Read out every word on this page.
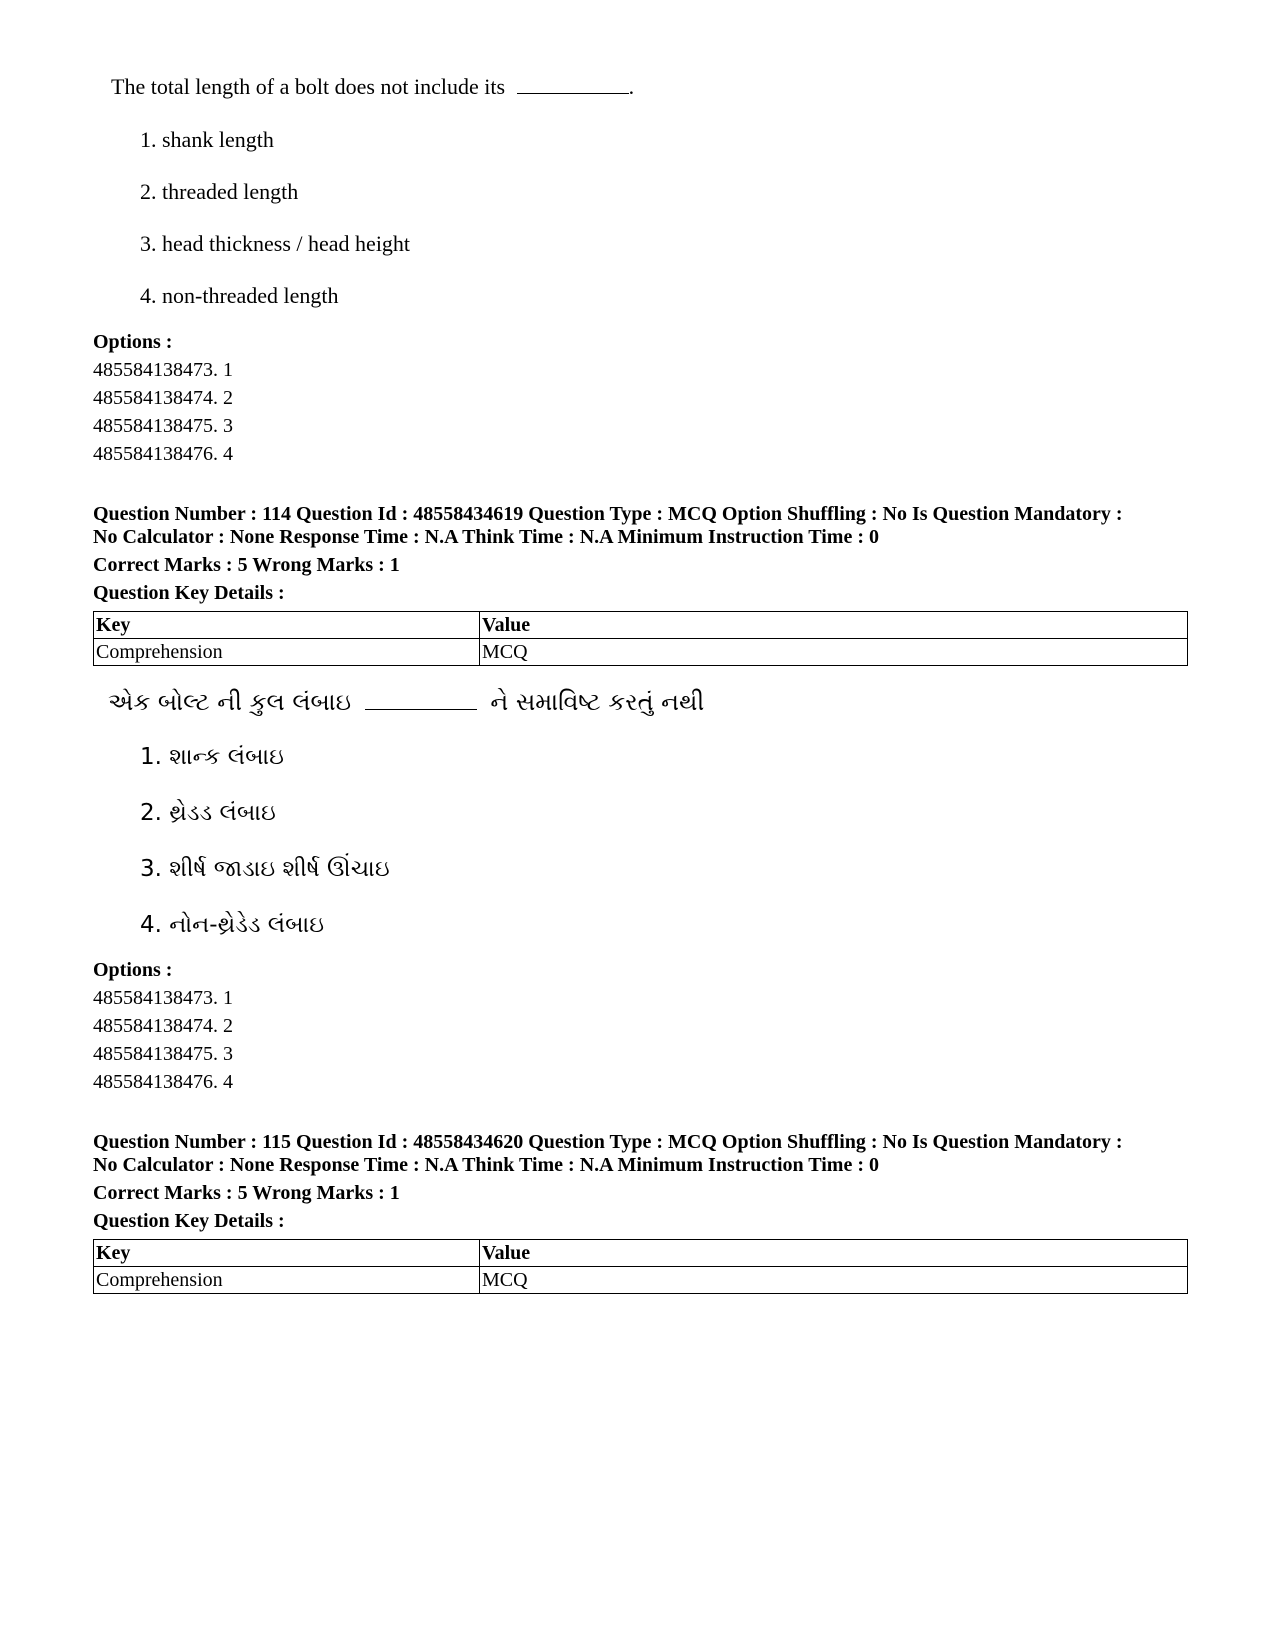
The total length of a bolt does not include its	.
1. shank length
2. threaded length
3. head thickness / head height
4. non-threaded length
Options :
485584138473. 1
485584138474. 2
485584138475. 3
485584138476. 4
Question Number : 114 Question Id : 48558434619 Question Type : MCQ Option Shuffling : No Is Question Mandatory :
No Calculator : None Response Time : N.A Think Time : N.A Minimum Instruction Time : 0
Correct Marks : 5 Wrong Marks : 1
Question Key Details :
Key	Value
Comprehension	MCQ
એક બોલ્ટ ની કુલ લંબાઇ	ને સમાવિષ્ટ કરતું નથી
1. શાન્ક લંબાઇ
2. થ્રેડડ લંબાઇ
3. શીર્ષ જાડાઇ શીર્ષ ઊંચાઇ
4. નોન-થ્રેડેડ લંબાઇ
Options :
485584138473. 1
485584138474. 2
485584138475. 3
485584138476. 4
Question Number : 115 Question Id : 48558434620 Question Type : MCQ Option Shuffling : No Is Question Mandatory :
No Calculator : None Response Time : N.A Think Time : N.A Minimum Instruction Time : 0
Correct Marks : 5 Wrong Marks : 1
Question Key Details :
Key	Value
Comprehension	MCQ
